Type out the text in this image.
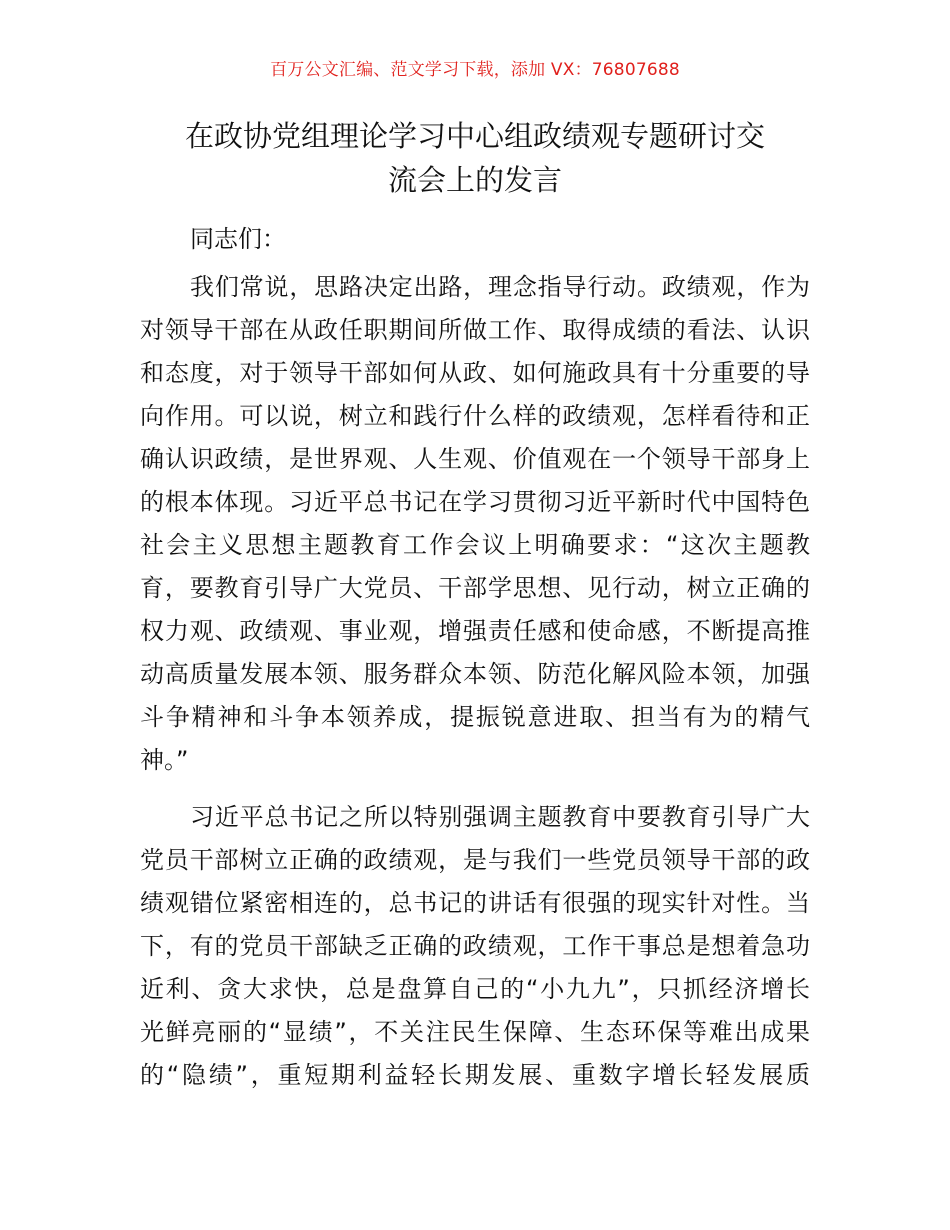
百万公文汇编、范文学习下载，添加 VX：76807688
在政协党组理论学习中心组政绩观专题研讨交
流会上的发言
同志们：
我们常说，思路决定出路，理念指导行动。政绩观，作为
对领导干部在从政任职期间所做工作、取得成绩的看法、认识
和态度，对于领导干部如何从政、如何施政具有十分重要的导
向作用。可以说，树立和践行什么样的政绩观，怎样看待和正
确认识政绩，是世界观、人生观、价值观在一个领导干部身上
的根本体现。习近平总书记在学习贯彻习近平新时代中国特色
社会主义思想主题教育工作会议上明确要求：“这次主题教
育，要教育引导广大党员、干部学思想、见行动，树立正确的
权力观、政绩观、事业观，增强责任感和使命感，不断提高推
动高质量发展本领、服务群众本领、防范化解风险本领，加强
斗争精神和斗争本领养成，提振锐意进取、担当有为的精气
神。”
习近平总书记之所以特别强调主题教育中要教育引导广大
党员干部树立正确的政绩观，是与我们一些党员领导干部的政
绩观错位紧密相连的，总书记的讲话有很强的现实针对性。当
下，有的党员干部缺乏正确的政绩观，工作干事总是想着急功
近利、贪大求快，总是盘算自己的“小九九”，只抓经济增长
光鲜亮丽的“显绩”，不关注民生保障、生态环保等难出成果
的“隐绩”，重短期利益轻长期发展、重数字增长轻发展质
